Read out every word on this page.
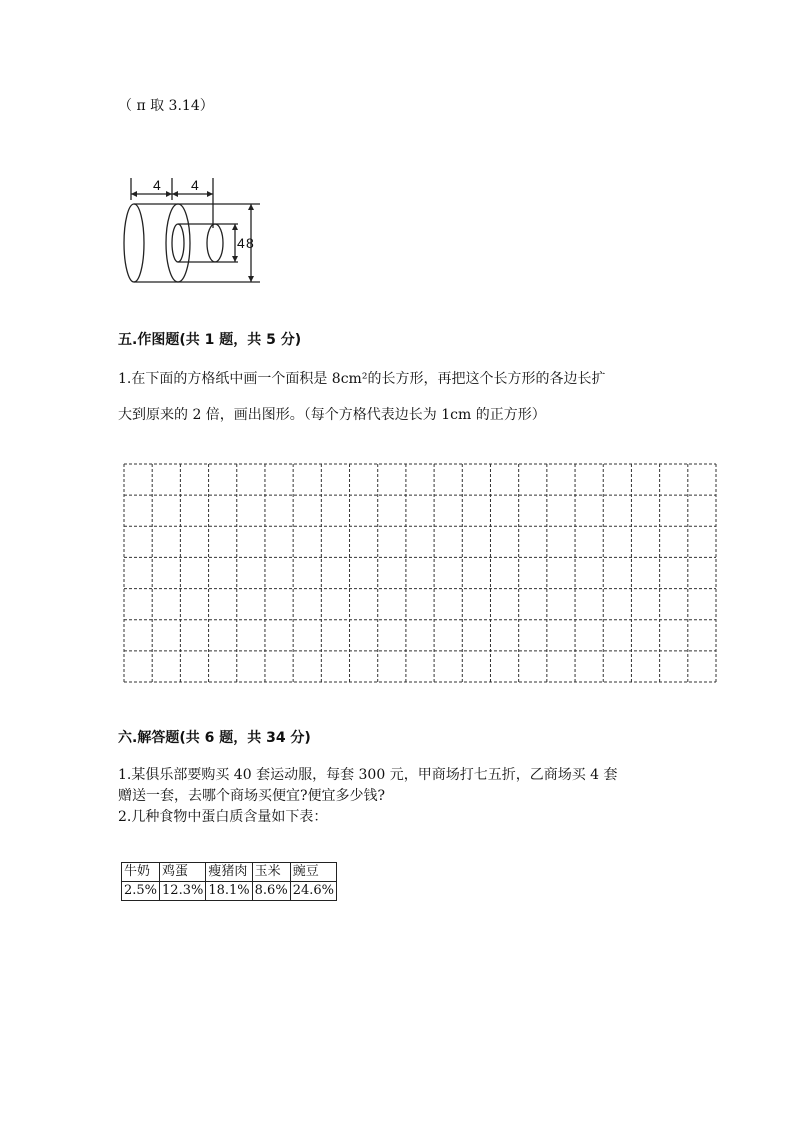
（ π 取 3.14）
4 4
4 8
五.作图题(共 1 题，共 5 分)
1.在下面的方格纸中画一个面积是 8cm²的长方形，再把这个长方形的各边长扩
大到原来的 2 倍，画出图形。（每个方格代表边长为 1cm 的正方形）
六.解答题(共 6 题，共 34 分)
1.某俱乐部要购买 40 套运动服，每套 300 元，甲商场打七五折，乙商场买 4 套
赠送一套，去哪个商场买便宜?便宜多少钱?
2.几种食物中蛋白质含量如下表：
牛奶	鸡蛋	瘦猪肉	玉米	豌豆
2.5%	12.3%	18.1%	8.6%	24.6%
